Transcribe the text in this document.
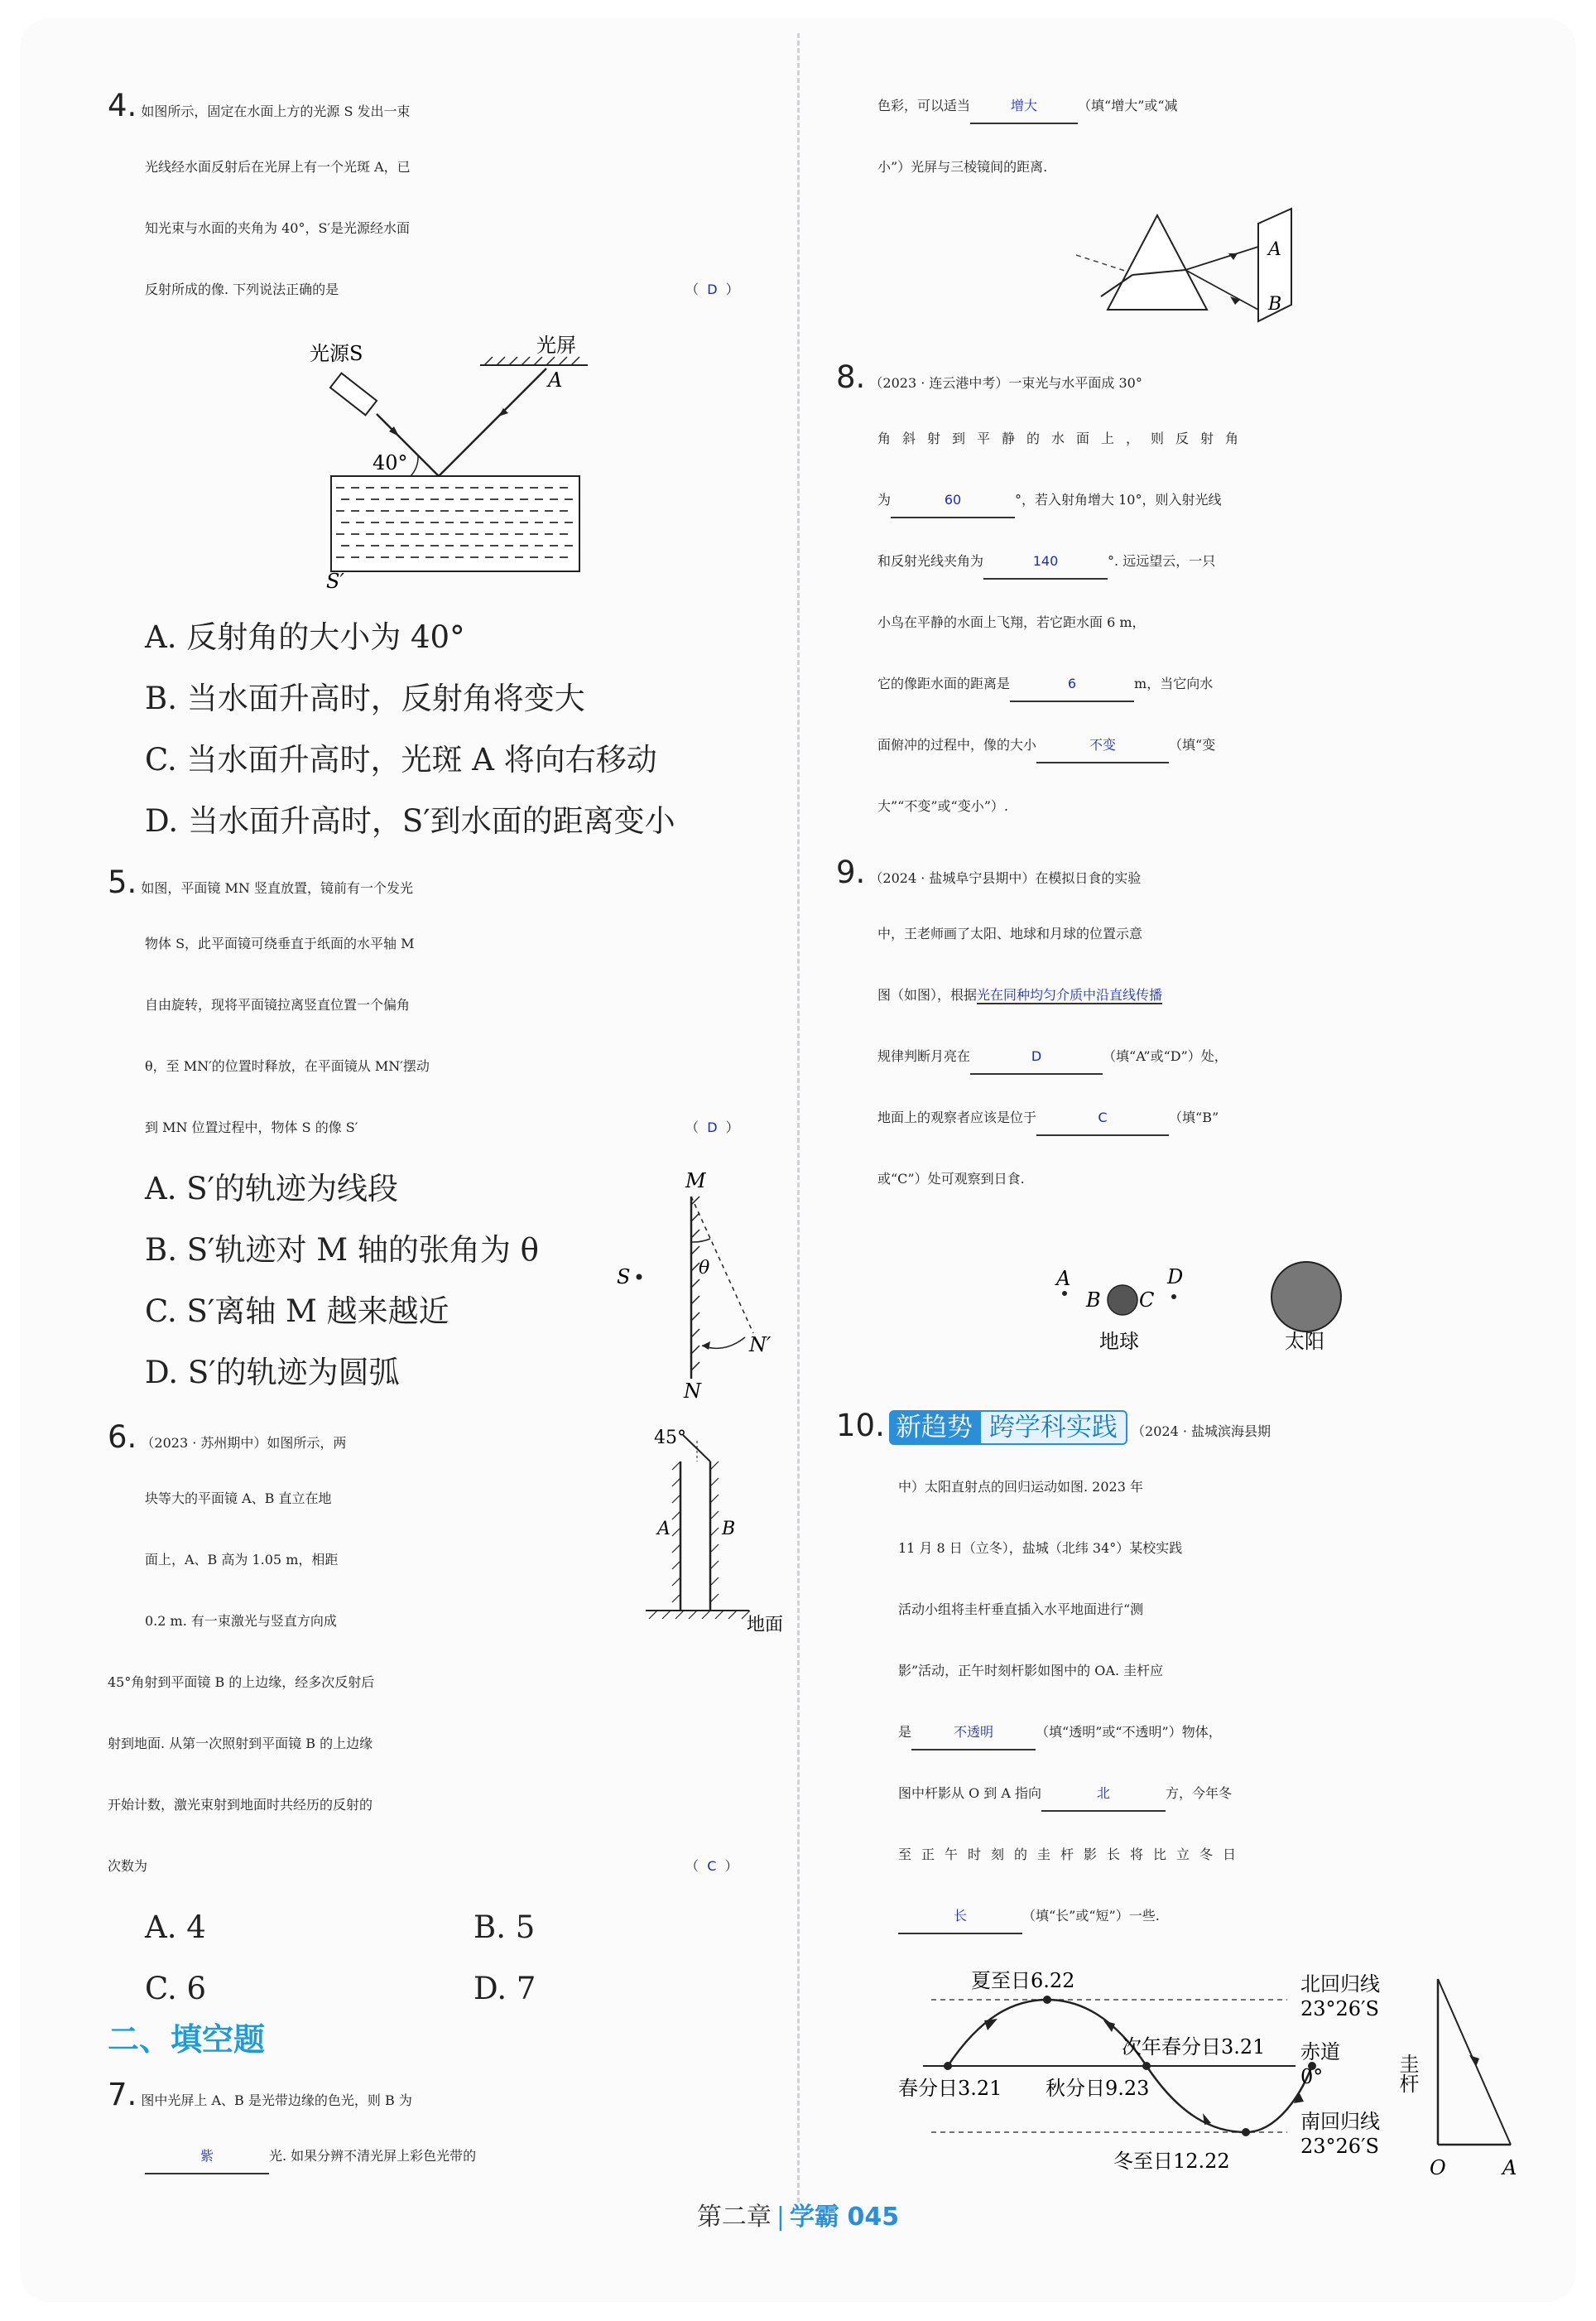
4. 如图所示，固定在水面上方的光源 S 发出一束
光线经水面反射后在光屏上有一个光斑 A，已
知光束与水面的夹角为 40°，S′是光源经水面
反射所成的像. 下列说法正确的是	（  D  ）
光源S	光屏
A
40°
S′
A. 反射角的大小为 40°
B. 当水面升高时，反射角将变大
C. 当水面升高时，光斑 A 将向右移动
D. 当水面升高时，S′到水面的距离变小
5. 如图，平面镜 MN 竖直放置，镜前有一个发光
物体 S，此平面镜可绕垂直于纸面的水平轴 M
自由旋转，现将平面镜拉离竖直位置一个偏角
θ，至 MN′的位置时释放，在平面镜从 MN′摆动
到 MN 位置过程中，物体 S 的像 S′	（  D  ）
A. S′的轨迹为线段
B. S′轨迹对 M 轴的张角为 θ
C. S′离轴 M 越来越近
D. S′的轨迹为圆弧
M
θ
N′
N
S
6. （2023 · 苏州期中）如图所示，两
块等大的平面镜 A、B 直立在地
面上，A、B 高为 1.05 m，相距
0.2 m. 有一束激光与竖直方向成
45°角射到平面镜 B 的上边缘，经多次反射后
射到地面. 从第一次照射到平面镜 B 的上边缘
开始计数，激光束射到地面时共经历的反射的
次数为	（  C  ）
A. 4	B. 5
C. 6	D. 7
45°
A	B
地面
二、填空题
7. 图中光屏上 A、B 是光带边缘的色光，则 B 为
紫	光. 如果分辨不清光屏上彩色光带的
色彩，可以适当	增大	（填“增大”或“减
小”）光屏与三棱镜间的距离.
A
B
8. （2023 · 连云港中考）一束光与水平面成 30°
角斜射到平静的水面上，则反射角
为	60	°，若入射角增大 10°，则入射光线
和反射光线夹角为	140	°. 远远望云，一只
小鸟在平静的水面上飞翔，若它距水面 6 m，
它的像距水面的距离是	6	m，当它向水
面俯冲的过程中，像的大小	不变	（填“变
大”“不变”或“变小”）.
9. （2024 · 盐城阜宁县期中）在模拟日食的实验
中，王老师画了太阳、地球和月球的位置示意
图（如图），根据光在同种均匀介质中沿直线传播
规律判断月亮在	D	（填“A”或“D”）处，
地面上的观察者应该是位于	C	（填“B”
或“C”）处可观察到日食.
A
B C
D
地球	太阳
10. 新趋势 跨学科实践 （2024 · 盐城滨海县期
中）太阳直射点的回归运动如图. 2023 年
11 月 8 日（立冬），盐城（北纬 34°）某校实践
活动小组将圭杆垂直插入水平地面进行“测
影”活动，正午时刻杆影如图中的 OA. 圭杆应
是	不透明	（填“透明”或“不透明”）物体，
图中杆影从 O 到 A 指向	北	方，今年冬
至正午时刻的圭杆影长将比立冬日
长	（填“长”或“短”）一些.
夏至日6.22
次年春分日3.21
春分日3.21 秋分日9.23
冬至日12.22
北回归线
23°26′S
赤道
0°
南回归线
23°26′S
圭杆
O	A
第二章 | 学霸 045
